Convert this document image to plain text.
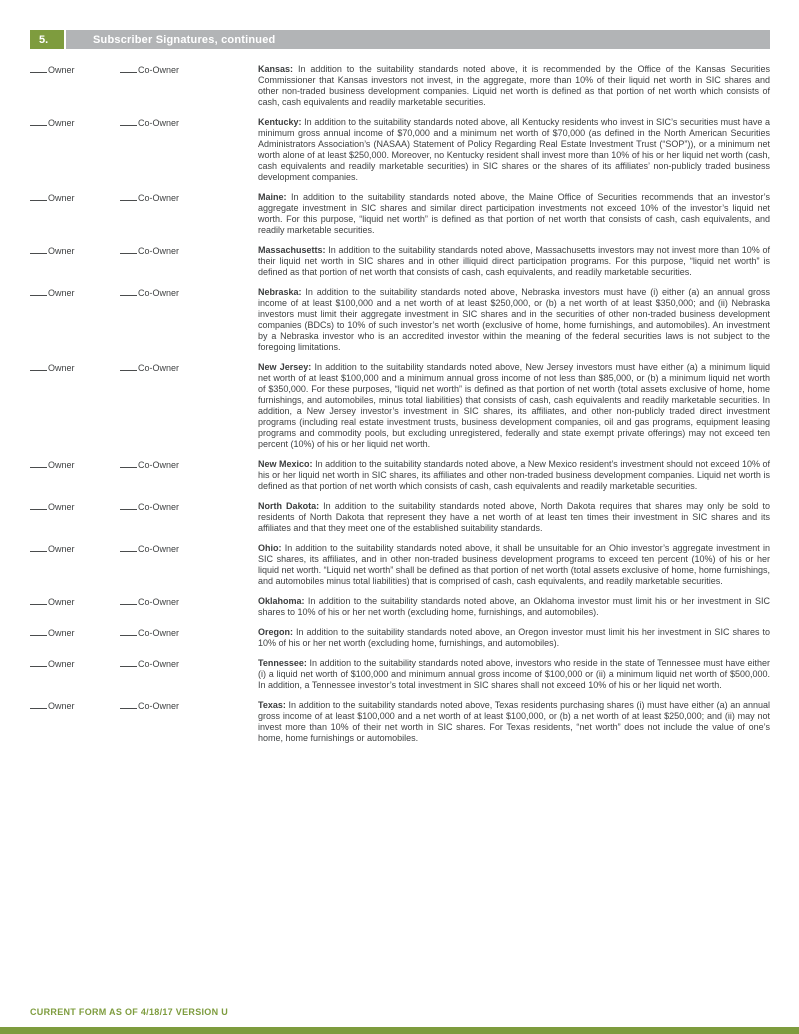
5.	Subscriber Signatures, continued
Owner	Co-Owner	Kansas: In addition to the suitability standards noted above, it is recommended by the Office of the Kansas Securities Commissioner that Kansas investors not invest, in the aggregate, more than 10% of their liquid net worth in SIC shares and other non-traded business development companies. Liquid net worth is defined as that portion of net worth which consists of cash, cash equivalents and readily marketable securities.

Owner	Co-Owner	Kentucky: In addition to the suitability standards noted above, all Kentucky residents who invest in SIC’s securities must have a minimum gross annual income of $70,000 and a minimum net worth of $70,000 (as defined in the North American Securities Administrators Association’s (NASAA) Statement of Policy Regarding Real Estate Investment Trust (“SOP”)), or a minimum net worth alone of at least $250,000. Moreover, no Kentucky resident shall invest more than 10% of his or her liquid net worth (cash, cash equivalents and readily marketable securities) in SIC shares or the shares of its affiliates’ non-publicly traded business development companies.

Owner	Co-Owner	Maine: In addition to the suitability standards noted above, the Maine Office of Securities recommends that an investor’s aggregate investment in SIC shares and similar direct participation investments not exceed 10% of the investor’s liquid net worth. For this purpose, “liquid net worth” is defined as that portion of net worth that consists of cash, cash equivalents, and readily marketable securities.

Owner	Co-Owner	Massachusetts: In addition to the suitability standards noted above, Massachusetts investors may not invest more than 10% of their liquid net worth in SIC shares and in other illiquid direct participation programs. For this purpose, “liquid net worth” is defined as that portion of net worth that consists of cash, cash equivalents, and readily marketable securities.

Owner	Co-Owner	Nebraska: In addition to the suitability standards noted above, Nebraska investors must have (i) either (a) an annual gross income of at least $100,000 and a net worth of at least $250,000, or (b) a net worth of at least $350,000; and (ii) Nebraska investors must limit their aggregate investment in SIC shares and in the securities of other non-traded business development companies (BDCs) to 10% of such investor’s net worth (exclusive of home, home furnishings, and automobiles). An investment by a Nebraska investor who is an accredited investor within the meaning of the federal securities laws is not subject to the foregoing limitations.

Owner	Co-Owner	New Jersey: In addition to the suitability standards noted above, New Jersey investors must have either (a) a minimum liquid net worth of at least $100,000 and a minimum annual gross income of not less than $85,000, or (b) a minimum liquid net worth of $350,000. For these purposes, “liquid net worth” is defined as that portion of net worth (total assets exclusive of home, home furnishings, and automobiles, minus total liabilities) that consists of cash, cash equivalents and readily marketable securities. In addition, a New Jersey investor’s investment in SIC shares, its affiliates, and other non-publicly traded direct investment programs (including real estate investment trusts, business development companies, oil and gas programs, equipment leasing programs and commodity pools, but excluding unregistered, federally and state exempt private offerings) may not exceed ten percent (10%) of his or her liquid net worth.

Owner	Co-Owner	New Mexico: In addition to the suitability standards noted above, a New Mexico resident’s investment should not exceed 10% of his or her liquid net worth in SIC shares, its affiliates and other non-traded business development companies. Liquid net worth is defined as that portion of net worth which consists of cash, cash equivalents and readily marketable securities.

Owner	Co-Owner	North Dakota: In addition to the suitability standards noted above, North Dakota requires that shares may only be sold to residents of North Dakota that represent they have a net worth of at least ten times their investment in SIC shares and its affiliates and that they meet one of the established suitability standards.

Owner	Co-Owner	Ohio: In addition to the suitability standards noted above, it shall be unsuitable for an Ohio investor’s aggregate investment in SIC shares, its affiliates, and in other non-traded business development programs to exceed ten percent (10%) of his or her liquid net worth. “Liquid net worth” shall be defined as that portion of net worth (total assets exclusive of home, home furnishings, and automobiles minus total liabilities) that is comprised of cash, cash equivalents, and readily marketable securities.

Owner	Co-Owner	Oklahoma: In addition to the suitability standards noted above, an Oklahoma investor must limit his or her investment in SIC shares to 10% of his or her net worth (excluding home, furnishings, and automobiles).

Owner	Co-Owner	Oregon: In addition to the suitability standards noted above, an Oregon investor must limit his her investment in SIC shares to 10% of his or her net worth (excluding home, furnishings, and automobiles).

Owner	Co-Owner	Tennessee: In addition to the suitability standards noted above, investors who reside in the state of Tennessee must have either (i) a liquid net worth of $100,000 and minimum annual gross income of $100,000 or (ii) a minimum liquid net worth of $500,000. In addition, a Tennessee investor’s total investment in SIC shares shall not exceed 10% of his or her liquid net worth.

Owner	Co-Owner	Texas: In addition to the suitability standards noted above, Texas residents purchasing shares (i) must have either (a) an annual gross income of at least $100,000 and a net worth of at least $100,000, or (b) a net worth of at least $250,000; and (ii) may not invest more than 10% of their net worth in SIC shares. For Texas residents, “net worth” does not include the value of one’s home, home furnishings or automobiles.

CURRENT FORM AS OF 4/18/17 VERSION U
